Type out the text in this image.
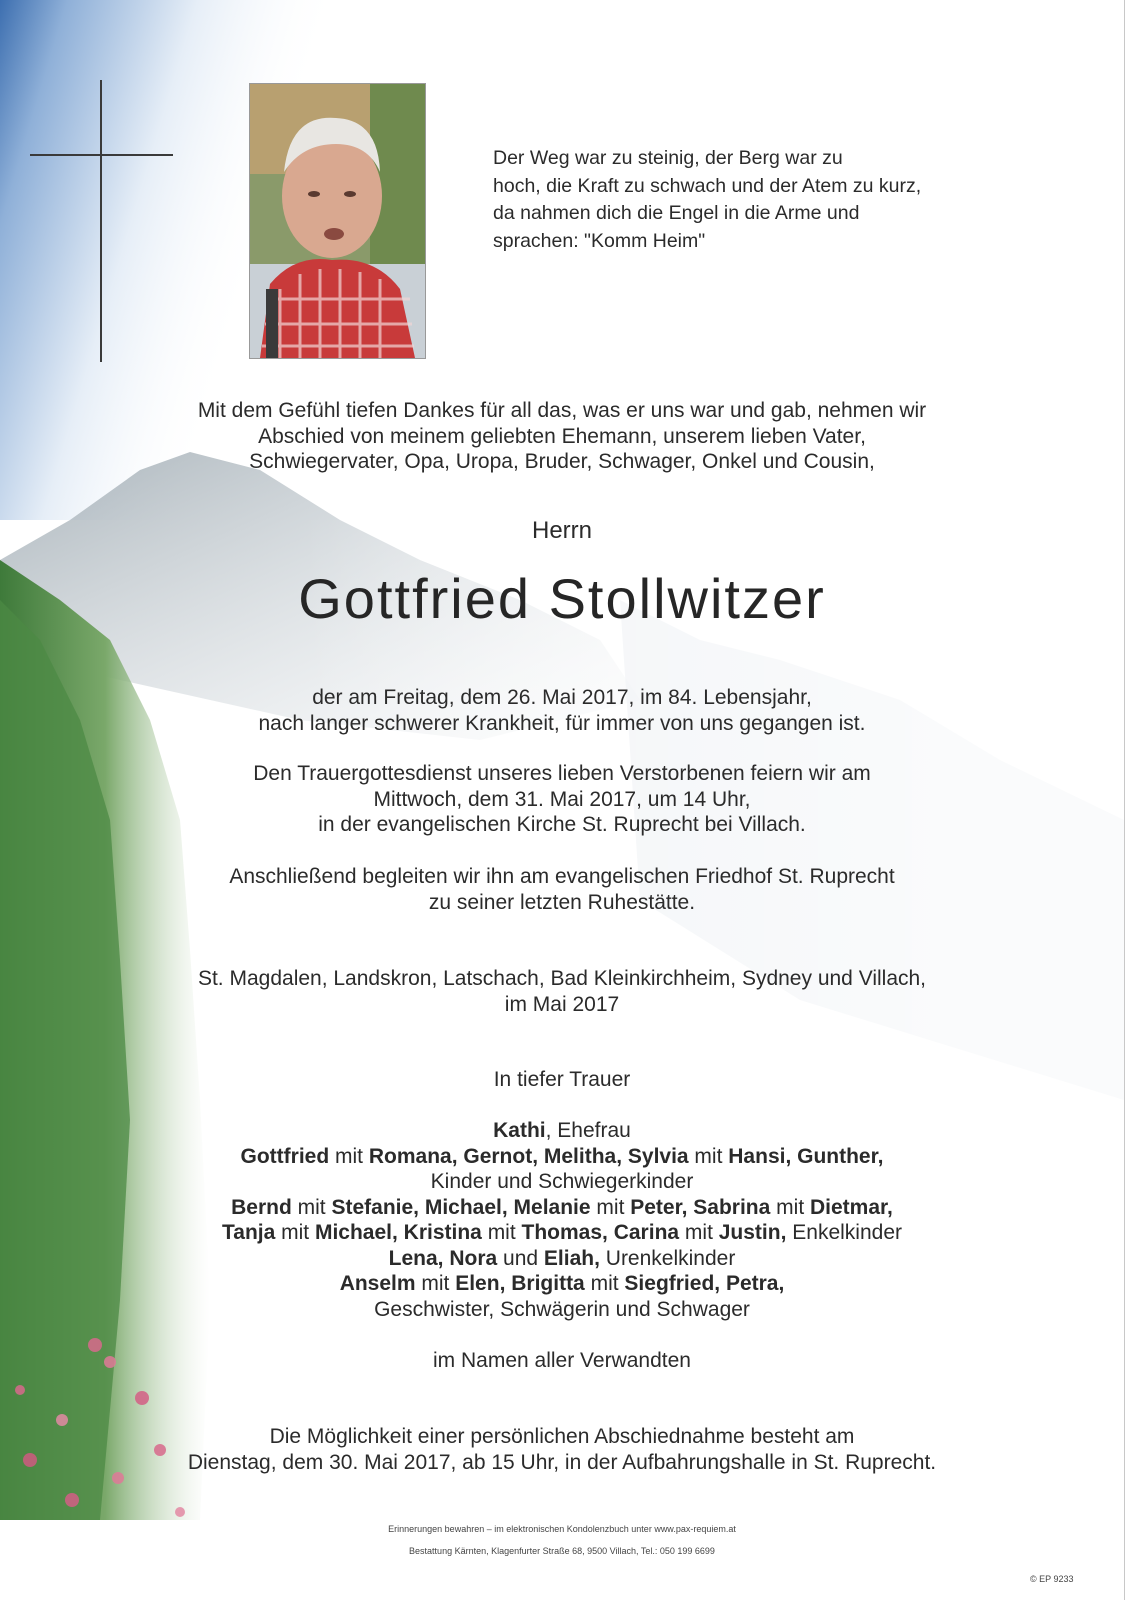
Der Weg war zu steinig, der Berg war zu
hoch, die Kraft zu schwach und der Atem zu kurz,
da nahmen dich die Engel in die Arme und
sprachen: "Komm Heim"
Mit dem Gefühl tiefen Dankes für all das, was er uns war und gab, nehmen wir
Abschied von meinem geliebten Ehemann, unserem lieben Vater,
Schwiegervater, Opa, Uropa, Bruder, Schwager, Onkel und Cousin,
Herrn
Gottfried Stollwitzer
der am Freitag, dem 26. Mai 2017, im 84. Lebensjahr,
nach langer schwerer Krankheit, für immer von uns gegangen ist.
Den Trauergottesdienst unseres lieben Verstorbenen feiern wir am
Mittwoch, dem 31. Mai 2017, um 14 Uhr,
in der evangelischen Kirche St. Ruprecht bei Villach.
Anschließend begleiten wir ihn am evangelischen Friedhof St. Ruprecht
zu seiner letzten Ruhestätte.
St. Magdalen, Landskron, Latschach, Bad Kleinkirchheim, Sydney und Villach,
im Mai 2017
In tiefer Trauer
Kathi, Ehefrau
Gottfried mit Romana, Gernot, Melitha, Sylvia mit Hansi, Gunther,
Kinder und Schwiegerkinder
Bernd mit Stefanie, Michael, Melanie mit Peter, Sabrina mit Dietmar,
Tanja mit Michael, Kristina mit Thomas, Carina mit Justin, Enkelkinder
Lena, Nora und Eliah, Urenkelkinder
Anselm mit Elen, Brigitta mit Siegfried, Petra,
Geschwister, Schwägerin und Schwager
im Namen aller Verwandten
Die Möglichkeit einer persönlichen Abschiednahme besteht am
Dienstag, dem 30. Mai 2017, ab 15 Uhr, in der Aufbahrungshalle in St. Ruprecht.
Erinnerungen bewahren – im elektronischen Kondolenzbuch unter www.pax-requiem.at
Bestattung Kärnten, Klagenfurter Straße 68, 9500 Villach, Tel.: 050 199 6699
© EP 9233
